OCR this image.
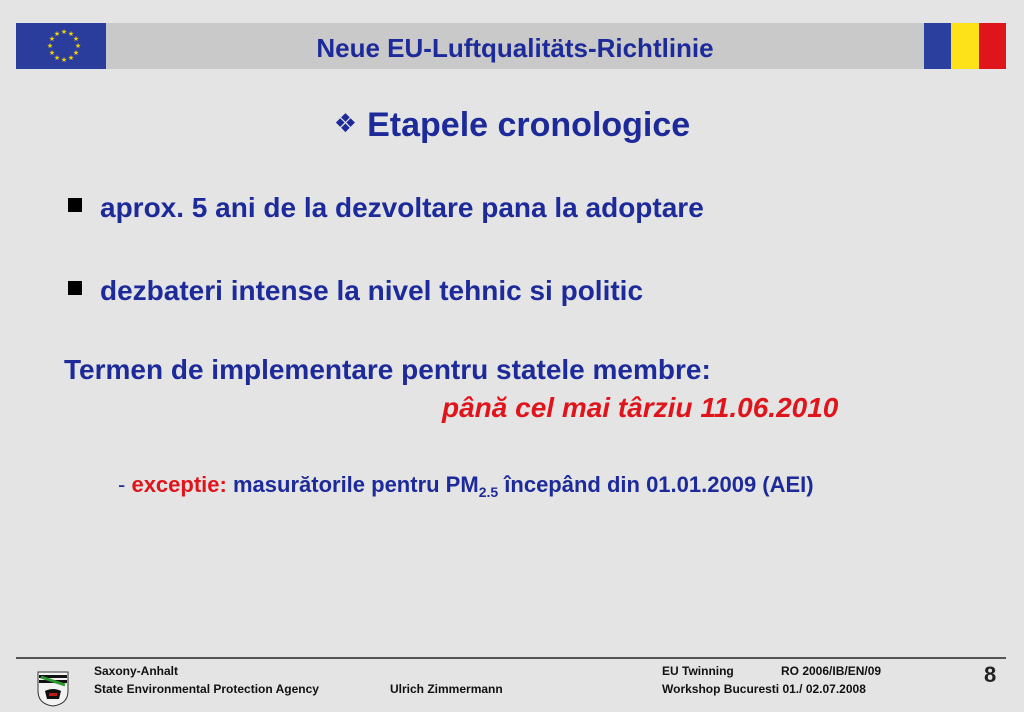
★ ★
★
★
★
★
★
★
★
★
★
★	Neue EU-Luftqualitäts-Richtlinie
❖ Etapele cronologice
aprox. 5 ani de la dezvoltare pana la adoptare
dezbateri intense la nivel tehnic si politic
Termen de implementare pentru statele membre:
până cel mai târziu 11.06.2010
- exceptie: masurătorile pentru $PM_{2.5}$ începând din 01.01.2009 (AEI)
Saxony-Anhalt
State Environmental Protection Agency	Ulrich Zimmermann
EU Twinning	RO 2006/IB/EN/09
Workshop Bucuresti 01./ 02.07.2008
8
